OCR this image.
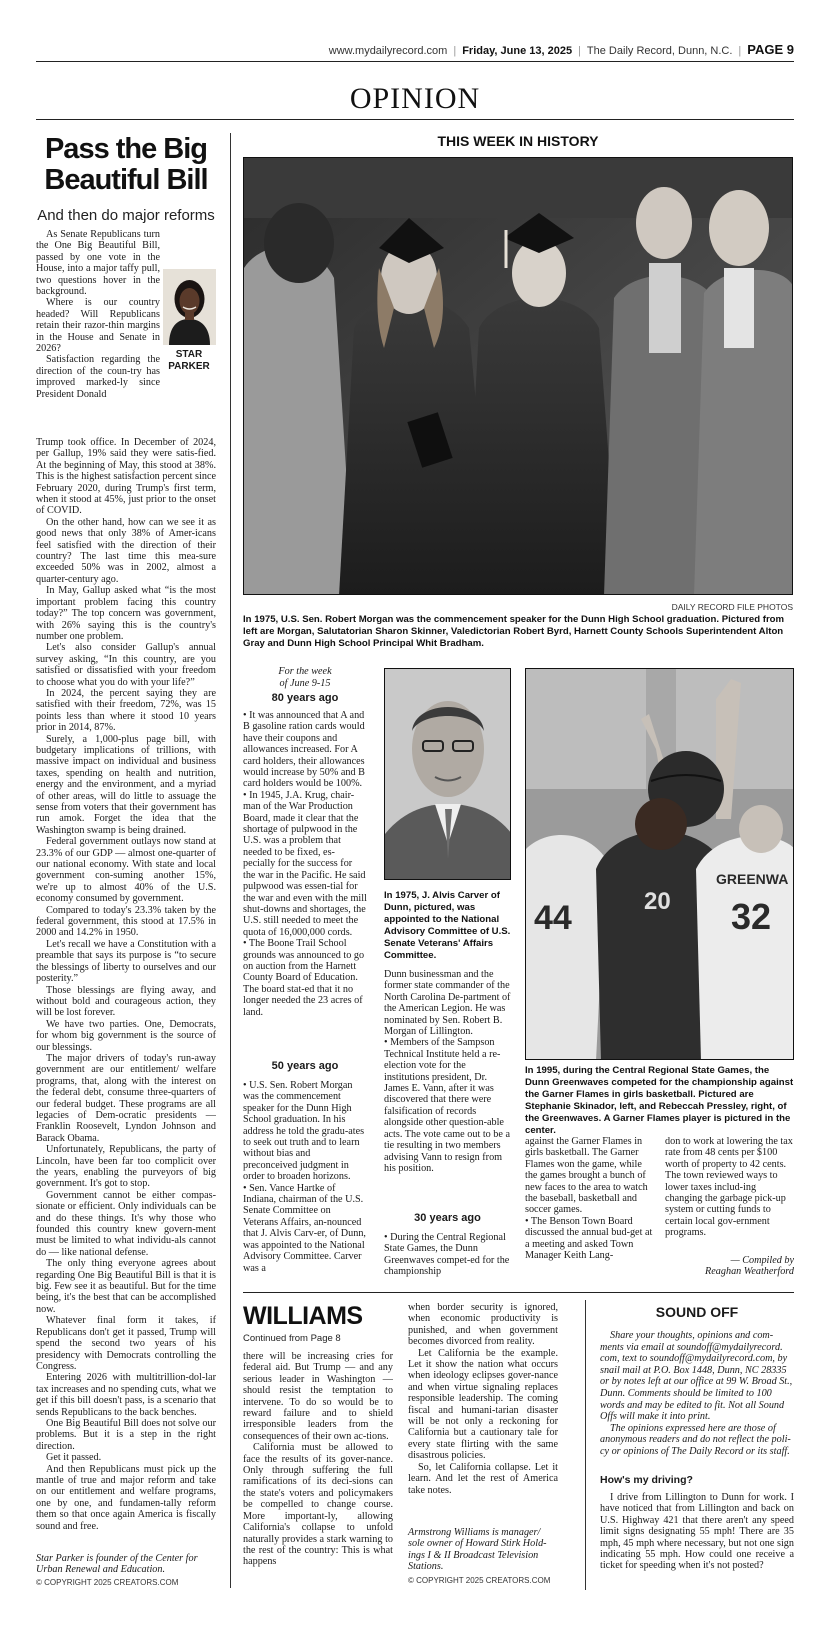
www.mydailyrecord.com | Friday, June 13, 2025 | The Daily Record, Dunn, N.C. | PAGE 9
OPINION
Pass the Big
Beautiful Bill
And then do major reforms

As Senate Republicans turn the One Big Beautiful Bill, passed by one vote in the House, into a major taffy pull, two questions hover in the background.

Where is our country headed? Will Republicans retain their razor-thin margins in the House and Senate in 2026?

Satisfaction regarding the direction of the coun-try has improved marked-ly since President Donald

STAR
PARKER

Trump took office. In December of 2024, per Gallup, 19% said they were satis-fied. At the beginning of May, this stood at 38%. This is the highest satisfaction percent since February 2020, during Trump's first term, when it stood at 45%, just prior to the onset of COVID.

On the other hand, how can we see it as good news that only 38% of Amer-icans feel satisfied with the direction of their country? The last time this mea-sure exceeded 50% was in 2002, almost a quarter-century ago.

In May, Gallup asked what “is the most important problem facing this country today?” The top concern was government, with 26% saying this is the country's number one problem.

Let's also consider Gallup's annual survey asking, “In this country, are you satisfied or dissatisfied with your freedom to choose what you do with your life?”

In 2024, the percent saying they are satisfied with their freedom, 72%, was 15 points less than where it stood 10 years prior in 2014, 87%.

Surely, a 1,000-plus page bill, with budgetary implications of trillions, with massive impact on individual and business taxes, spending on health and nutrition, energy and the environment, and a myriad of other areas, will do little to assuage the sense from voters that their government has run amok. Forget the idea that the Washington swamp is being drained.

Federal government outlays now stand at 23.3% of our GDP — almost one-quarter of our national economy. With state and local government con-suming another 15%, we're up to almost 40% of the U.S. economy consumed by government.

Compared to today's 23.3% taken by the federal government, this stood at 17.5% in 2000 and 14.2% in 1950.

Let's recall we have a Constitution with a preamble that says its purpose is “to secure the blessings of liberty to ourselves and our posterity.”

Those blessings are flying away, and without bold and courageous action, they will be lost forever.

We have two parties. One, Democrats, for whom big government is the source of our blessings.

The major drivers of today's run-away government are our entitlement/ welfare programs, that, along with the interest on the federal debt, consume three-quarters of our federal budget. These programs are all legacies of Dem-ocratic presidents — Franklin Roosevelt, Lyndon Johnson and Barack Obama.

Unfortunately, Republicans, the party of Lincoln, have been far too complicit over the years, enabling the purveyors of big government. It's got to stop.

Government cannot be either compas-sionate or efficient. Only individuals can be and do these things. It's why those who founded this country knew govern-ment must be limited to what individu-als cannot do — like national defense.

The only thing everyone agrees about regarding One Big Beautiful Bill is that it is big. Few see it as beautiful. But for the time being, it's the best that can be accomplished now.

Whatever final form it takes, if Republicans don't get it passed, Trump will spend the second two years of his presidency with Democrats controlling the Congress.

Entering 2026 with multitrillion-dol-lar tax increases and no spending cuts, what we get if this bill doesn't pass, is a scenario that sends Republicans to the back benches.

One Big Beautiful Bill does not solve our problems. But it is a step in the right direction.

Get it passed.

And then Republicans must pick up the mantle of true and major reform and take on our entitlement and welfare programs, one by one, and fundamen-tally reform them so that once again America is fiscally sound and free.

Star Parker is founder of the Center for Urban Renewal and Education.
© COPYRIGHT 2025 CREATORS.COM
THIS WEEK IN HISTORY
DAILY RECORD FILE PHOTOS
In 1975, U.S. Sen. Robert Morgan was the commencement speaker for the Dunn High School graduation. Pictured from left are Morgan, Salutatorian Sharon Skinner, Valedictorian Robert Byrd, Harnett County Schools Superintendent Alton Gray and Dunn High School Principal Whit Bradham.
For the week
of June 9-15
80 years ago

• It was announced that A and B gasoline ration cards would have their coupons and allowances increased. For A card holders, their allowances would increase by 50% and B card holders would be 100%.

• In 1945, J.A. Krug, chair-man of the War Production Board, made it clear that the shortage of pulpwood in the U.S. was a problem that needed to be fixed, es-pecially for the success for the war in the Pacific. He said pulpwood was essen-tial for the war and even with the mill shut-downs and shortages, the U.S. still needed to meet the quota of 16,000,000 cords.

• The Boone Trail School grounds was announced to go on auction from the Harnett County Board of Education. The board stat-ed that it no longer needed the 23 acres of land.

50 years ago

• U.S. Sen. Robert Morgan was the commencement speaker for the Dunn High School graduation. In his address he told the gradu-ates to seek out truth and to learn without bias and preconceived judgment in order to broaden horizons.

• Sen. Vance Hartke of Indiana, chairman of the U.S. Senate Committee on Veterans Affairs, an-nounced that J. Alvis Carv-er, of Dunn, was appointed to the National Advisory Committee. Carver was a

In 1975, J. Alvis Carver of Dunn, pictured, was appointed to the National Advisory Committee of U.S. Senate Veterans' Affairs Committee.

Dunn businessman and the former state commander of the North Carolina De-partment of the American Legion. He was nominated by Sen. Robert B. Morgan of Lillington.

• Members of the Sampson Technical Institute held a re-election vote for the institutions president, Dr. James E. Vann, after it was discovered that there were falsification of records alongside other question-able acts. The vote came out to be a tie resulting in two members advising Vann to resign from his position.

30 years ago

• During the Central Regional State Games, the Dunn Greenwaves compet-ed for the championship

44	20
GREENWA
32
In 1995, during the Central Regional State Games, the Dunn Greenwaves competed for the championship against the Garner Flames in girls basketball. Pictured are Stephanie Skinador, left, and Rebeccah Pressley, right, of the Greenwaves. A Garner Flames player is pictured in the center.

against the Garner Flames in girls basketball. The Garner Flames won the game, while the games brought a bunch of new faces to the area to watch the baseball, basketball and soccer games.

• The Benson Town Board discussed the annual bud-get at a meeting and asked Town Manager Keith Lang-

don to work at lowering the tax rate from 48 cents per $100 worth of property to 42 cents. The town reviewed ways to lower taxes includ-ing changing the garbage pick-up system or cutting funds to certain local gov-ernment programs.

— Compiled by
Reaghan Weatherford
WILLIAMS
Continued from Page 8

there will be increasing cries for federal aid. But Trump — and any serious leader in Washington — should resist the temptation to intervene. To do so would be to reward failure and to shield irresponsible leaders from the consequences of their own ac-tions.

California must be allowed to face the results of its gover-nance. Only through suffering the full ramifications of its deci-sions can the state's voters and policymakers be compelled to change course. More important-ly, allowing California's collapse to unfold naturally provides a stark warning to the rest of the country: This is what happens

when border security is ignored, when economic productivity is punished, and when government becomes divorced from reality.

Let California be the example. Let it show the nation what occurs when ideology eclipses gover-nance and when virtue signaling replaces responsible leadership. The coming fiscal and humani-tarian disaster will be not only a reckoning for California but a cautionary tale for every state flirting with the same disastrous policies.

So, let California collapse. Let it learn. And let the rest of America take notes.

Armstrong Williams is manager/ sole owner of Howard Stirk Hold-ings I & II Broadcast Television Stations.
© COPYRIGHT 2025 CREATORS.COM
SOUND OFF

Share your thoughts, opinions and com-ments via email at soundoff@mydailyrecord. com, text to soundoff@mydailyrecord.com, by snail mail at P.O. Box 1448, Dunn, NC 28335 or by notes left at our office at 99 W. Broad St., Dunn. Comments should be limited to 100 words and may be edited to fit. Not all Sound Offs will make it into print.

The opinions expressed here are those of anonymous readers and do not reflect the poli-cy or opinions of The Daily Record or its staff.

How's my driving?

I drive from Lillington to Dunn for work. I have noticed that from Lillington and back on U.S. Highway 421 that there aren't any speed limit signs designating 55 mph! There are 35 mph, 45 mph where necessary, but not one sign indicating 55 mph. How could one receive a ticket for speeding when it's not posted?
